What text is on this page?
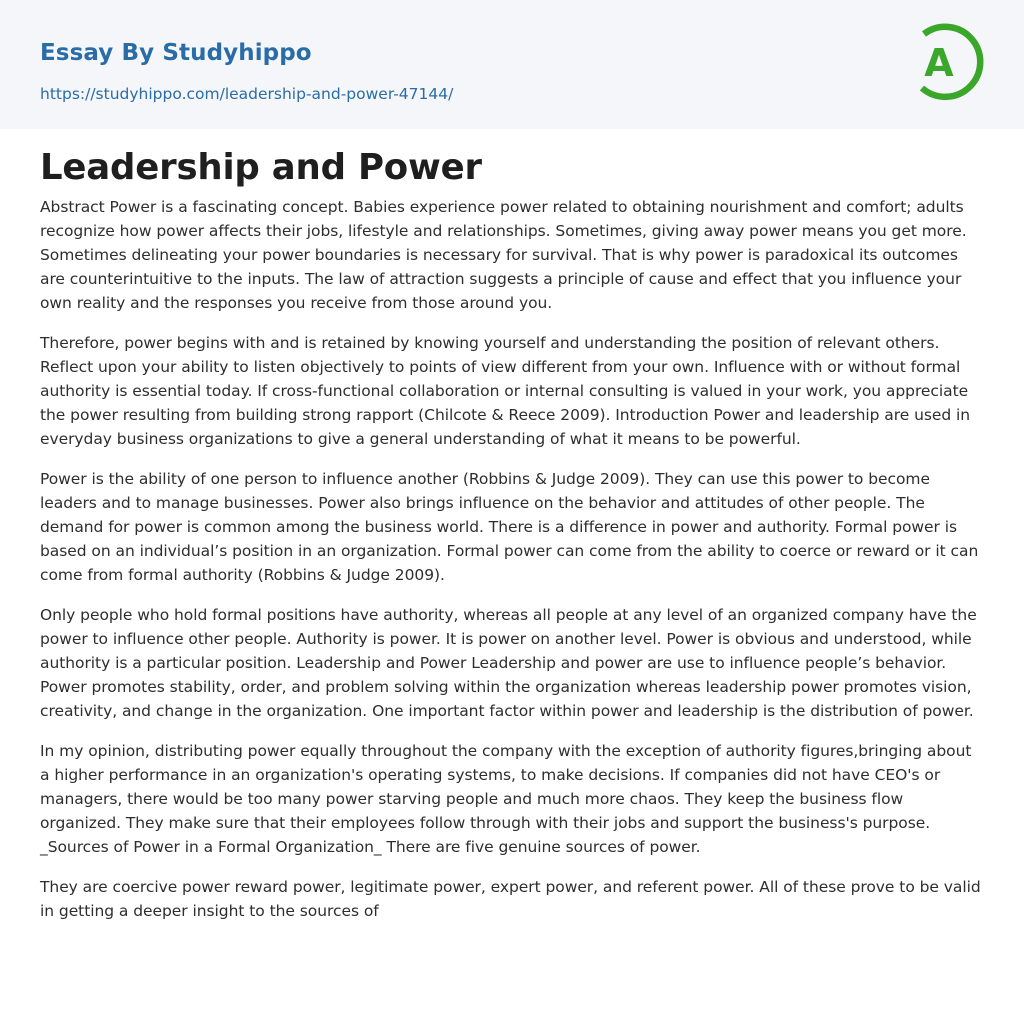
Essay By Studyhippo
https://studyhippo.com/leadership-and-power-47144/
A
Leadership and Power

Abstract Power is a fascinating concept. Babies experience power related to obtaining nourishment and comfort; adults recognize how power affects their jobs, lifestyle and relationships. Sometimes, giving away power means you get more. Sometimes delineating your power boundaries is necessary for survival. That is why power is paradoxical its outcomes are counterintuitive to the inputs. The law of attraction suggests a principle of cause and effect that you influence your own reality and the responses you receive from those around you.

Therefore, power begins with and is retained by knowing yourself and understanding the position of relevant others. Reflect upon your ability to listen objectively to points of view different from your own. Influence with or without formal authority is essential today. If cross-functional collaboration or internal consulting is valued in your work, you appreciate the power resulting from building strong rapport (Chilcote & Reece 2009). Introduction Power and leadership are used in everyday business organizations to give a general understanding of what it means to be powerful.

Power is the ability of one person to influence another (Robbins & Judge 2009). They can use this power to become leaders and to manage businesses. Power also brings influence on the behavior and attitudes of other people. The demand for power is common among the business world. There is a difference in power and authority. Formal power is based on an individual’s position in an organization. Formal power can come from the ability to coerce or reward or it can come from formal authority (Robbins & Judge 2009).

Only people who hold formal positions have authority, whereas all people at any level of an organized company have the power to influence other people. Authority is power. It is power on another level. Power is obvious and understood, while authority is a particular position. Leadership and Power Leadership and power are use to influence people’s behavior. Power promotes stability, order, and problem solving within the organization whereas leadership power promotes vision, creativity, and change in the organization. One important factor within power and leadership is the distribution of power.

In my opinion, distributing power equally throughout the company with the exception of authority figures,bringing about a higher performance in an organization's operating systems, to make decisions. If companies did not have CEO's or managers, there would be too many power starving people and much more chaos. They keep the business flow organized. They make sure that their employees follow through with their jobs and support the business's purpose. _Sources of Power in a Formal Organization_ There are five genuine sources of power.

They are coercive power reward power, legitimate power, expert power, and referent power. All of these prove to be valid in getting a deeper insight to the sources of
